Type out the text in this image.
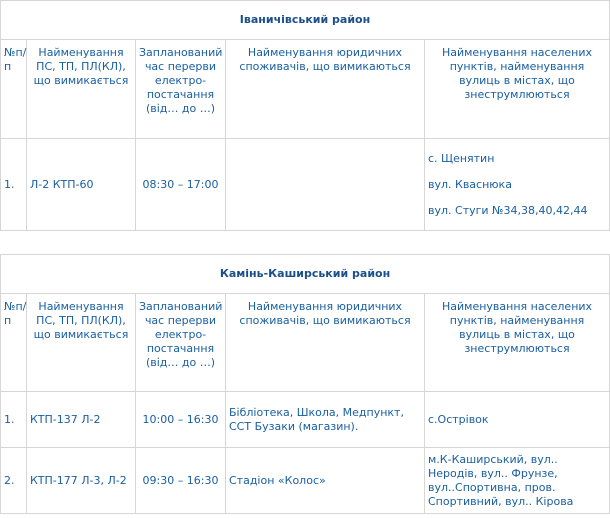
Іваничівський район				
№п/п	Найменування ПС, ТП, ПЛ(КЛ), що вимикається	Запланований час перерви електро-постачання (від… до …)	Найменування юридичних споживачів, що вимикаються	Найменування населених пунктів, найменування вулиць в містах, що знеструмлюються
1.	Л-2 КТП-60	08:30 – 17:00		с. Щенятин
вул. Кваснюка
вул. Стуги №34,38,40,42,44
Камінь-Каширський район				
№п/п	Найменування ПС, ТП, ПЛ(КЛ), що вимикається	Запланований час перерви електро-постачання (від… до …)	Найменування юридичних споживачів, що вимикаються	Найменування населених пунктів, найменування вулиць в містах, що знеструмлюються
1.	КТП-137 Л-2	10:00 – 16:30	Бібліотека, Школа, Медпункт, ССТ Бузаки (магазин).	с.Острівок
2.	КТП-177 Л-3, Л-2	09:30 – 16:30	Стадіон «Колос»	м.К-Каширський, вул.. Неродів, вул.. Фрунзе, вул..Спортивна, пров. Спортивний, вул.. Кірова
